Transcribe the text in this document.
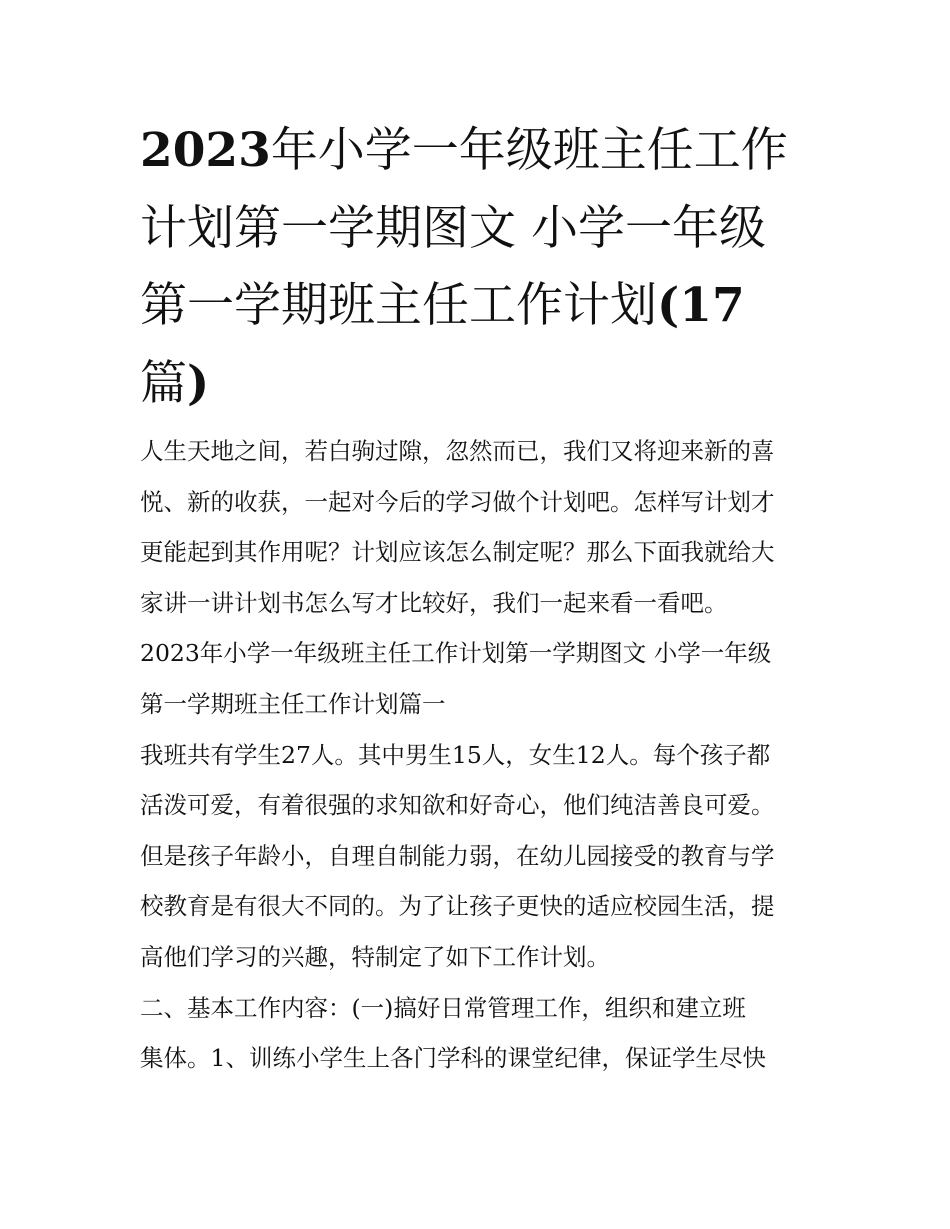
2023年小学一年级班主任工作
计划第一学期图文 小学一年级
第一学期班主任工作计划(17
篇)

人生天地之间，若白驹过隙，忽然而已，我们又将迎来新的喜
悦、新的收获，一起对今后的学习做个计划吧。怎样写计划才
更能起到其作用呢？计划应该怎么制定呢？那么下面我就给大
家讲一讲计划书怎么写才比较好，我们一起来看一看吧。

2023年小学一年级班主任工作计划第一学期图文 小学一年级
第一学期班主任工作计划篇一

我班共有学生27人。其中男生15人，女生12人。每个孩子都
活泼可爱，有着很强的求知欲和好奇心，他们纯洁善良可爱。
但是孩子年龄小，自理自制能力弱，在幼儿园接受的教育与学
校教育是有很大不同的。为了让孩子更快的适应校园生活，提
高他们学习的兴趣，特制定了如下工作计划。

二、基本工作内容：(一)搞好日常管理工作，组织和建立班
集体。1、训练小学生上各门学科的课堂纪律，保证学生尽快
